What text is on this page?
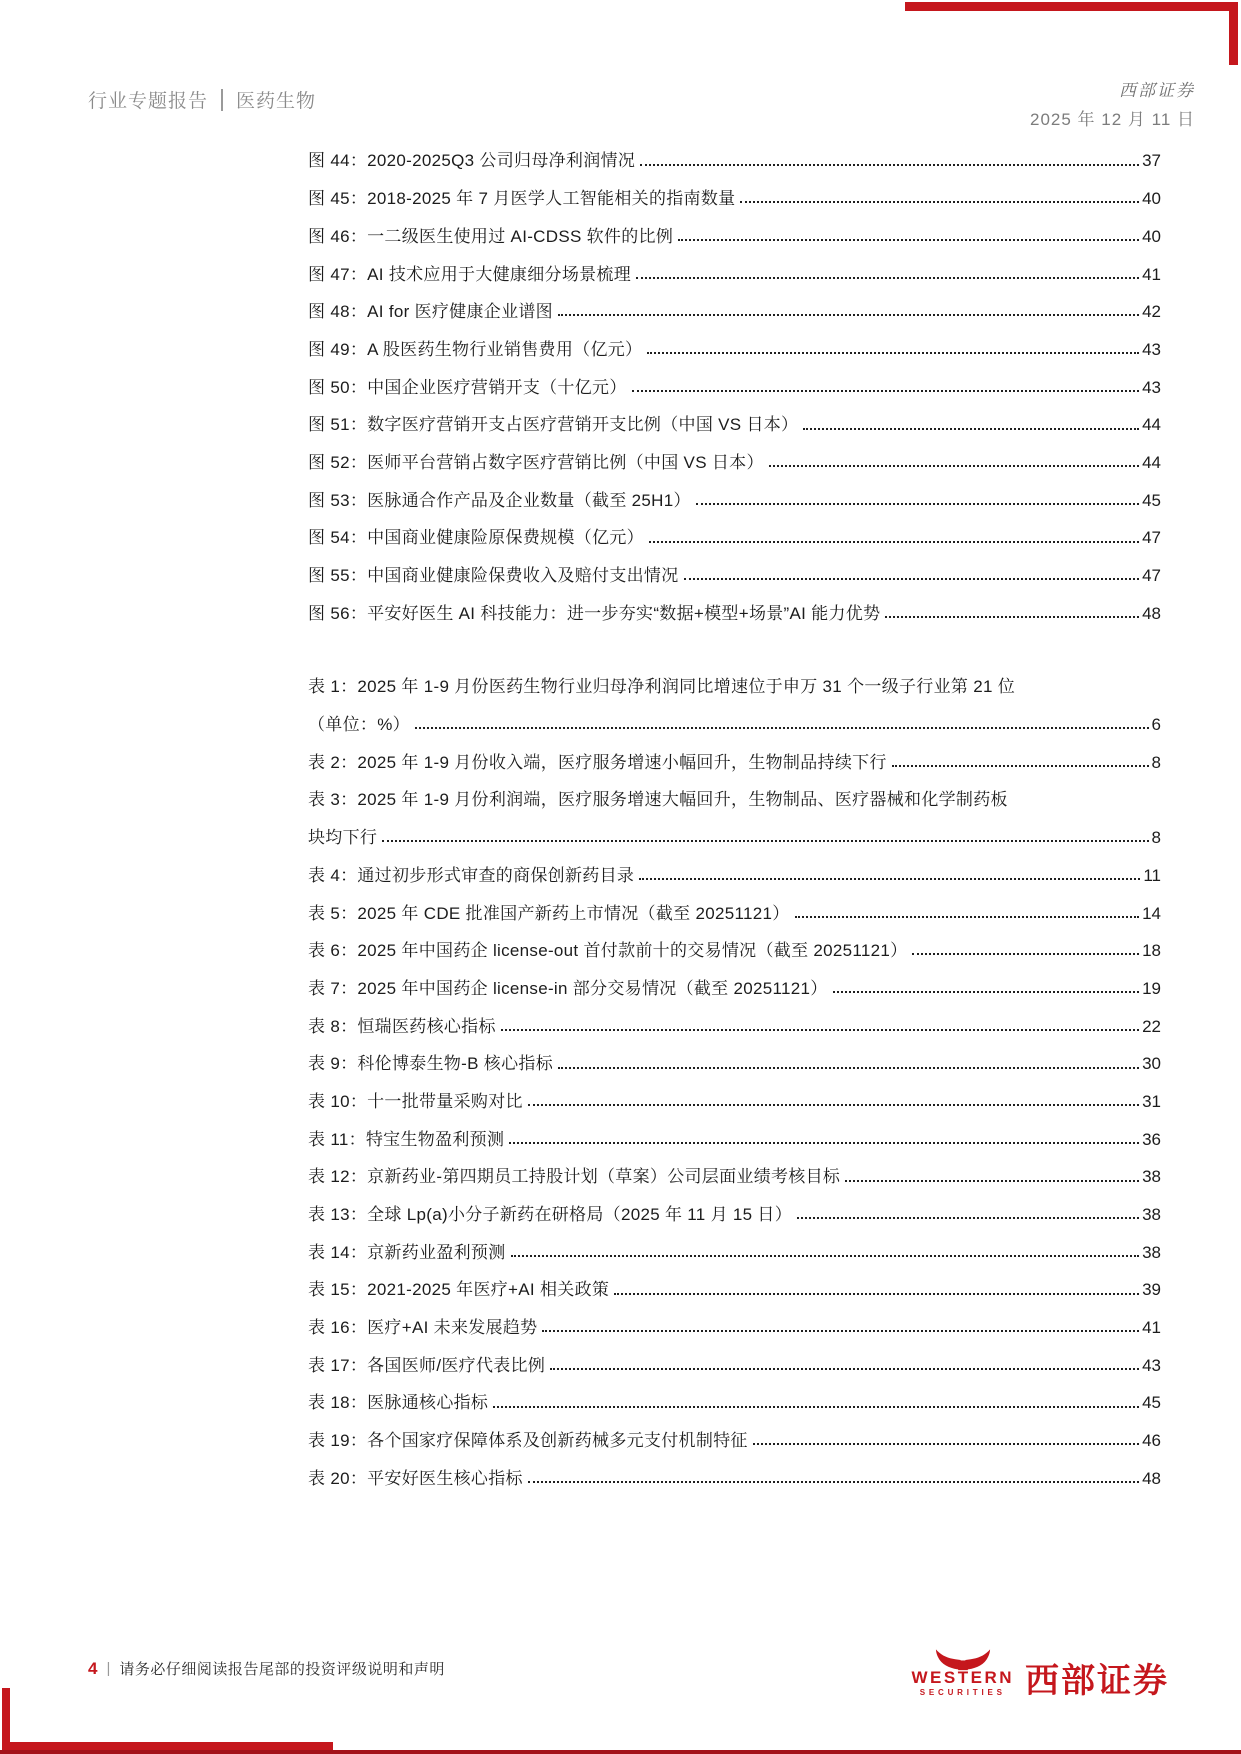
行业专题报告 医药生物
西部证券
2025 年 12 月 11 日
图 44：2020-2025Q3 公司归母净利润情况	37
图 45：2018-2025 年 7 月医学人工智能相关的指南数量	40
图 46：一二级医生使用过 AI-CDSS 软件的比例	40
图 47：AI 技术应用于大健康细分场景梳理	41
图 48：AI for 医疗健康企业谱图	42
图 49：A 股医药生物行业销售费用（亿元）	43
图 50：中国企业医疗营销开支（十亿元）	43
图 51：数字医疗营销开支占医疗营销开支比例（中国 VS 日本）	44
图 52：医师平台营销占数字医疗营销比例（中国 VS 日本）	44
图 53：医脉通合作产品及企业数量（截至 25H1）	45
图 54：中国商业健康险原保费规模（亿元）	47
图 55：中国商业健康险保费收入及赔付支出情况	47
图 56：平安好医生 AI 科技能力：进一步夯实“数据+模型+场景”AI 能力优势	48
表 1：2025 年 1-9 月份医药生物行业归母净利润同比增速位于申万 31 个一级子行业第 21 位
（单位：%）	6
表 2：2025 年 1-9 月份收入端，医疗服务增速小幅回升，生物制品持续下行	8
表 3：2025 年 1-9 月份利润端，医疗服务增速大幅回升，生物制品、医疗器械和化学制药板
块均下行	8
表 4：通过初步形式审查的商保创新药目录	11
表 5：2025 年 CDE 批准国产新药上市情况（截至 20251121）	14
表 6：2025 年中国药企 license-out 首付款前十的交易情况（截至 20251121）	18
表 7：2025 年中国药企 license-in 部分交易情况（截至 20251121）	19
表 8：恒瑞医药核心指标	22
表 9：科伦博泰生物-B 核心指标	30
表 10：十一批带量采购对比	31
表 11：特宝生物盈利预测	36
表 12：京新药业-第四期员工持股计划（草案）公司层面业绩考核目标	38
表 13：全球 Lp(a)小分子新药在研格局（2025 年 11 月 15 日）	38
表 14：京新药业盈利预测	38
表 15：2021-2025 年医疗+AI 相关政策	39
表 16：医疗+AI 未来发展趋势	41
表 17：各国医师/医疗代表比例	43
表 18：医脉通核心指标	45
表 19：各个国家疗保障体系及创新药械多元支付机制特征	46
表 20：平安好医生核心指标	48
4 | 请务必仔细阅读报告尾部的投资评级说明和声明	WESTERN
SECURITIES 西部证券
